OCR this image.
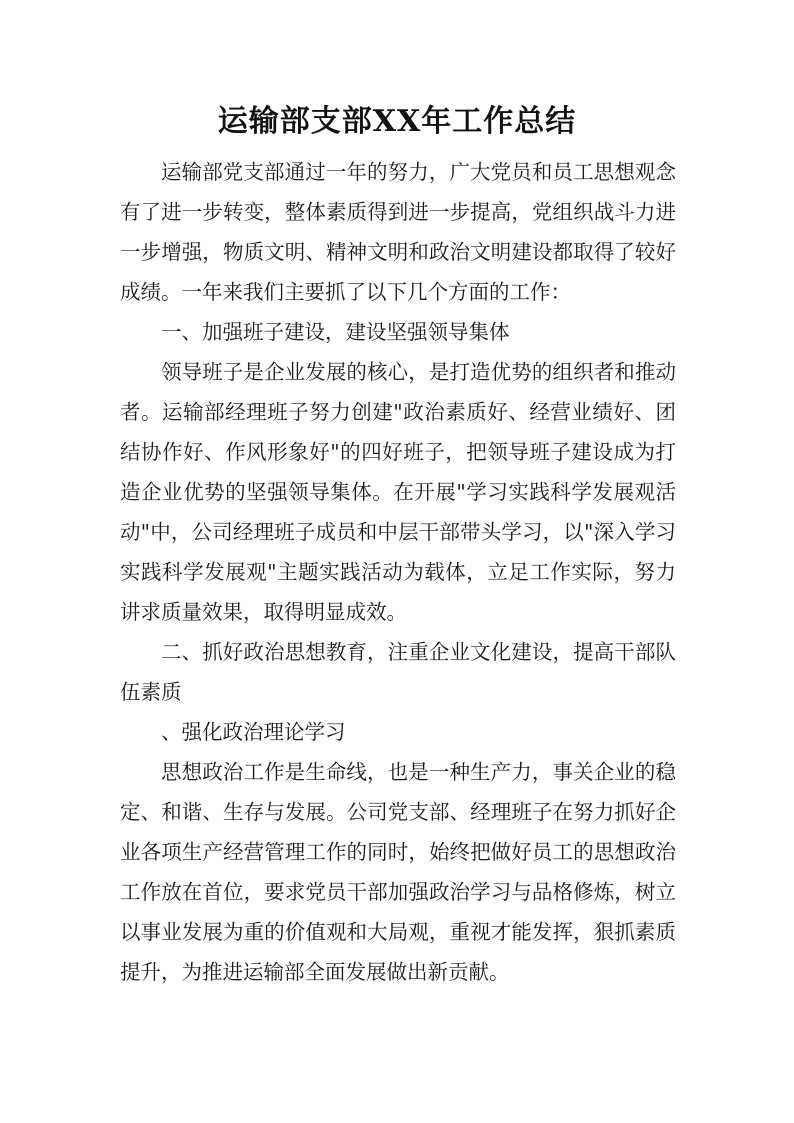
运输部支部XX年工作总结

运输部党支部通过一年的努力，广大党员和员工思想观念有了进一步转变，整体素质得到进一步提高，党组织战斗力进一步增强，物质文明、精神文明和政治文明建设都取得了较好成绩。一年来我们主要抓了以下几个方面的工作：

一、加强班子建设，建设坚强领导集体

领导班子是企业发展的核心，是打造优势的组织者和推动者。运输部经理班子努力创建"政治素质好、经营业绩好、团结协作好、作风形象好"的四好班子，把领导班子建设成为打造企业优势的坚强领导集体。在开展"学习实践科学发展观活动"中，公司经理班子成员和中层干部带头学习，以"深入学习实践科学发展观"主题实践活动为载体，立足工作实际，努力讲求质量效果，取得明显成效。

二、抓好政治思想教育，注重企业文化建设，提高干部队伍素质

、强化政治理论学习

思想政治工作是生命线，也是一种生产力，事关企业的稳定、和谐、生存与发展。公司党支部、经理班子在努力抓好企业各项生产经营管理工作的同时，始终把做好员工的思想政治工作放在首位，要求党员干部加强政治学习与品格修炼，树立以事业发展为重的价值观和大局观，重视才能发挥，狠抓素质提升，为推进运输部全面发展做出新贡献。
